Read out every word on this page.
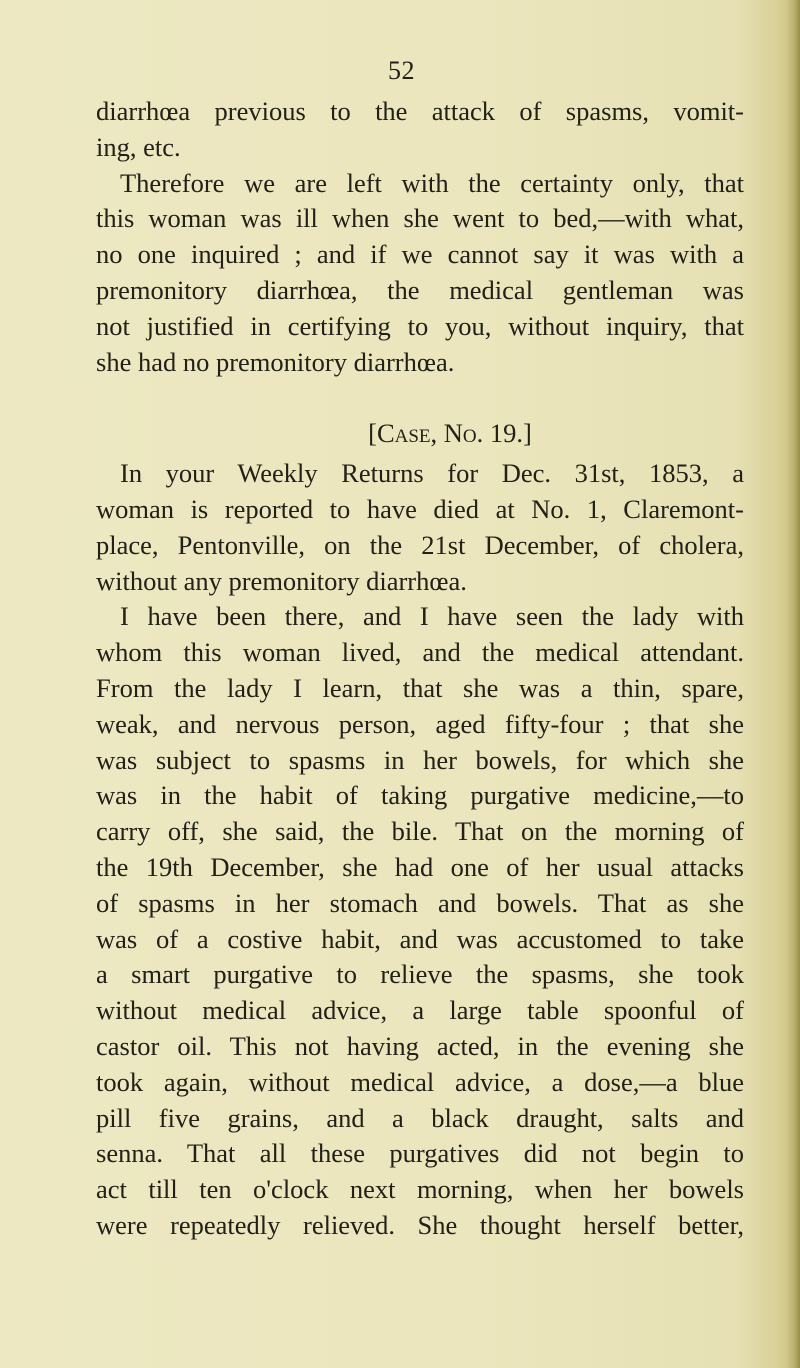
52
diarrhœa previous to the attack of spasms, vomit-
ing, etc.
Therefore we are left with the certainty only, that
this woman was ill when she went to bed,—with what,
no one inquired ; and if we cannot say it was with a
premonitory diarrhœa, the medical gentleman was
not justified in certifying to you, without inquiry, that
she had no premonitory diarrhœa.
[Case, No. 19.]
In your Weekly Returns for Dec. 31st, 1853, a
woman is reported to have died at No. 1, Claremont-
place, Pentonville, on the 21st December, of cholera,
without any premonitory diarrhœa.
I have been there, and I have seen the lady with
whom this woman lived, and the medical attendant.
From the lady I learn, that she was a thin, spare,
weak, and nervous person, aged fifty-four ; that she
was subject to spasms in her bowels, for which she
was in the habit of taking purgative medicine,—to
carry off, she said, the bile. That on the morning of
the 19th December, she had one of her usual attacks
of spasms in her stomach and bowels. That as she
was of a costive habit, and was accustomed to take
a smart purgative to relieve the spasms, she took
without medical advice, a large table spoonful of
castor oil. This not having acted, in the evening she
took again, without medical advice, a dose,—a blue
pill five grains, and a black draught, salts and
senna. That all these purgatives did not begin to
act till ten o'clock next morning, when her bowels
were repeatedly relieved. She thought herself better,
